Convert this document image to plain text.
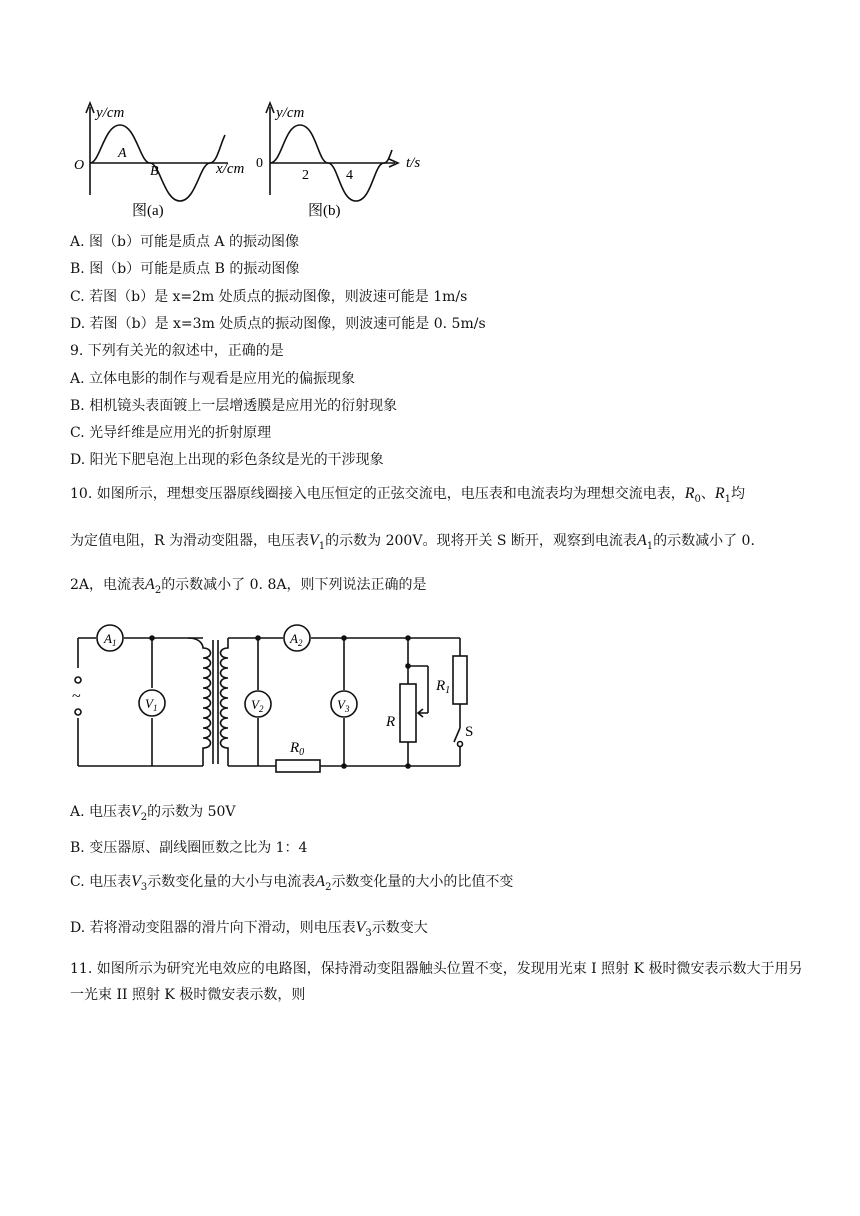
y/cm
O
A
B	x/cm
图(a)
y/cm
0
2	4
t/s
图(b)
A. 图（b）可能是质点 A 的振动图像
B. 图（b）可能是质点 B 的振动图像
C. 若图（b）是 x=2m 处质点的振动图像，则波速可能是 1m/s
D. 若图（b）是 x=3m 处质点的振动图像，则波速可能是 0. 5m/s
9. 下列有关光的叙述中，正确的是
A. 立体电影的制作与观看是应用光的偏振现象
B. 相机镜头表面镀上一层增透膜是应用光的衍射现象
C. 光导纤维是应用光的折射原理
D. 阳光下肥皂泡上出现的彩色条纹是光的干涉现象
10. 如图所示，理想变压器原线圈接入电压恒定的正弦交流电，电压表和电流表均为理想交流电表，$R_0$、$R_1$均
为定值电阻，R 为滑动变阻器，电压表$V_1$的示数为 200V。现将开关 S 断开，观察到电流表$A_1$的示数减小了 0.
2A，电流表$A_2$的示数减小了 0. 8A，则下列说法正确的是
~
$A_1$
$V_1$	$V_2$
$A_2$
$V_3$
R
$R_1$
$R_0$
S
A. 电压表$V_2$的示数为 50V
B. 变压器原、副线圈匝数之比为 1：4
C. 电压表$V_3$示数变化量的大小与电流表$A_2$示数变化量的大小的比值不变
D. 若将滑动变阻器的滑片向下滑动，则电压表$V_3$示数变大
11. 如图所示为研究光电效应的电路图，保持滑动变阻器触头位置不变，发现用光束 I 照射 K 极时微安表示数大于用另一光束 II 照射 K 极时微安表示数，则
